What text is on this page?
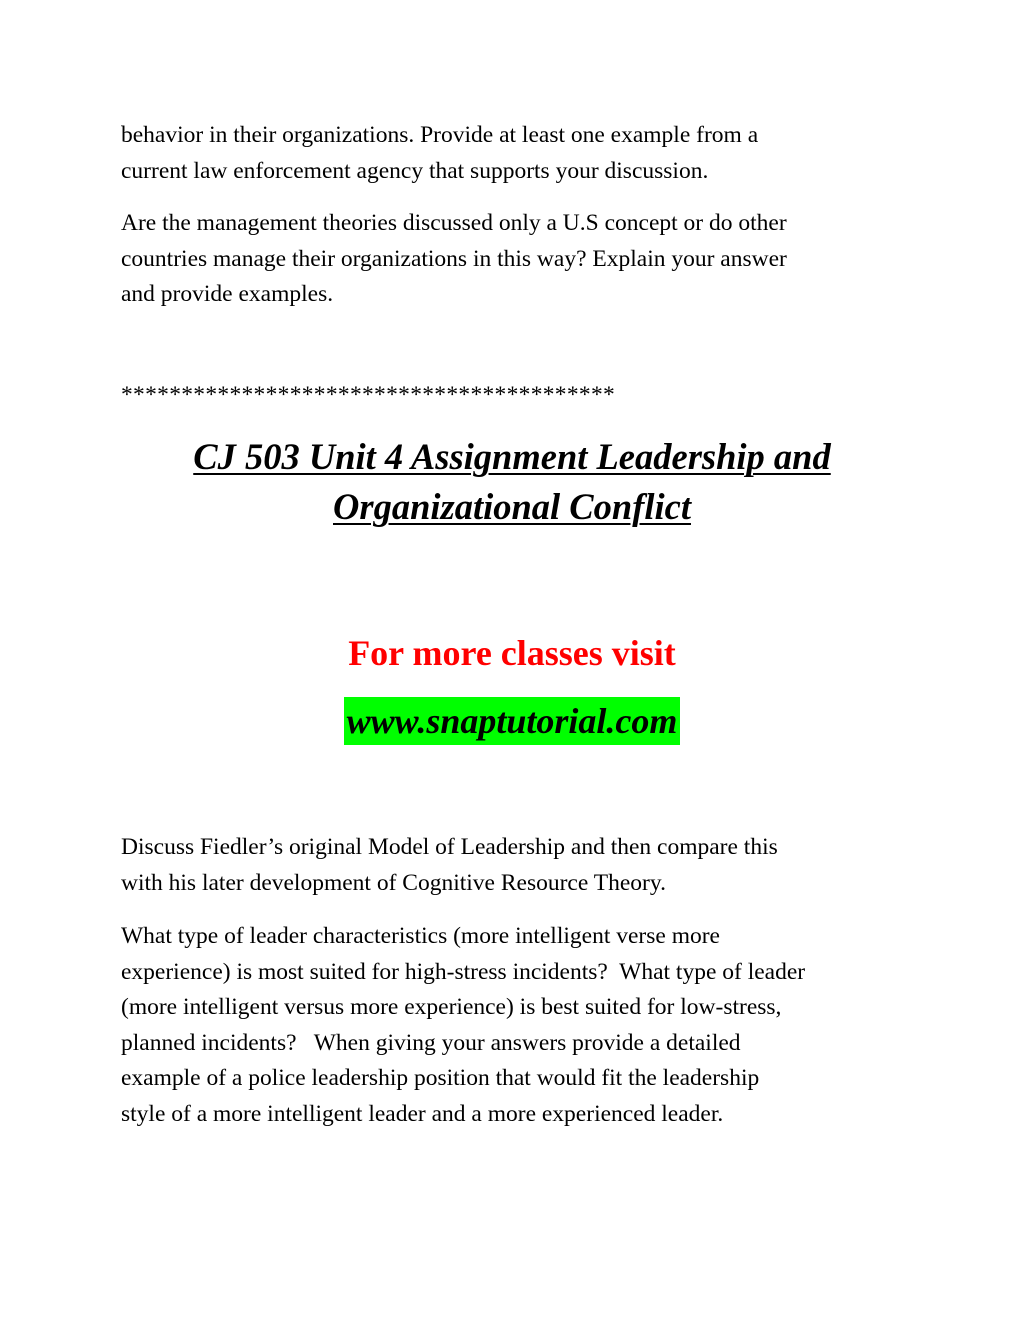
behavior in their organizations. Provide at least one example from a
current law enforcement agency that supports your discussion.

Are the management theories discussed only a U.S concept or do other
countries manage their organizations in this way? Explain your answer
and provide examples.

*****************************************
CJ 503 Unit 4 Assignment Leadership and
Organizational Conflict
For more classes visit
www.snaptutorial.com

Discuss Fiedler’s original Model of Leadership and then compare this
with his later development of Cognitive Resource Theory.

What type of leader characteristics (more intelligent verse more
experience) is most suited for high-stress incidents?  What type of leader
(more intelligent versus more experience) is best suited for low-stress,
planned incidents?   When giving your answers provide a detailed
example of a police leadership position that would fit the leadership
style of a more intelligent leader and a more experienced leader.
